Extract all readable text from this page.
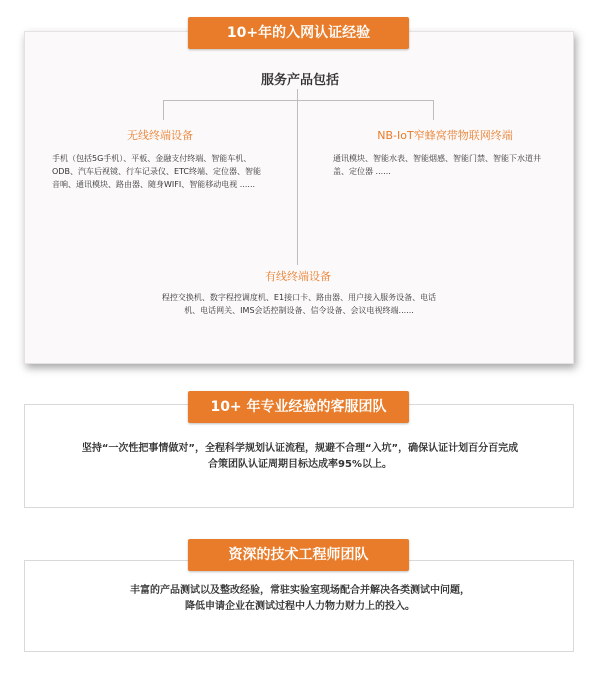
10+年的入网认证经验
服务产品包括
无线终端设备
手机（包括5G手机）、平板、金融支付终端、智能车机、ODB、汽车后视镜、行车记录仪、ETC终端、定位器、智能音响、通讯模块、路由器、随身WIFI、智能移动电视 ......
NB-IoT窄蜂窝带物联网终端
通讯模块、智能水表、智能烟感、智能门禁、智能下水道井盖、定位器 ......
有线终端设备
程控交换机、数字程控调度机、E1接口卡、路由器、用户接入服务设备、电话机、电话网关、IMS会话控制设备、信令设备、会议电视终端......
10+ 年专业经验的客服团队
坚持“一次性把事情做对”，全程科学规划认证流程，规避不合理“入坑”，确保认证计划百分百完成
合策团队认证周期目标达成率95%以上。
资深的技术工程师团队
丰富的产品测试以及整改经验，常驻实验室现场配合并解决各类测试中问题，
降低申请企业在测试过程中人力物力财力上的投入。
